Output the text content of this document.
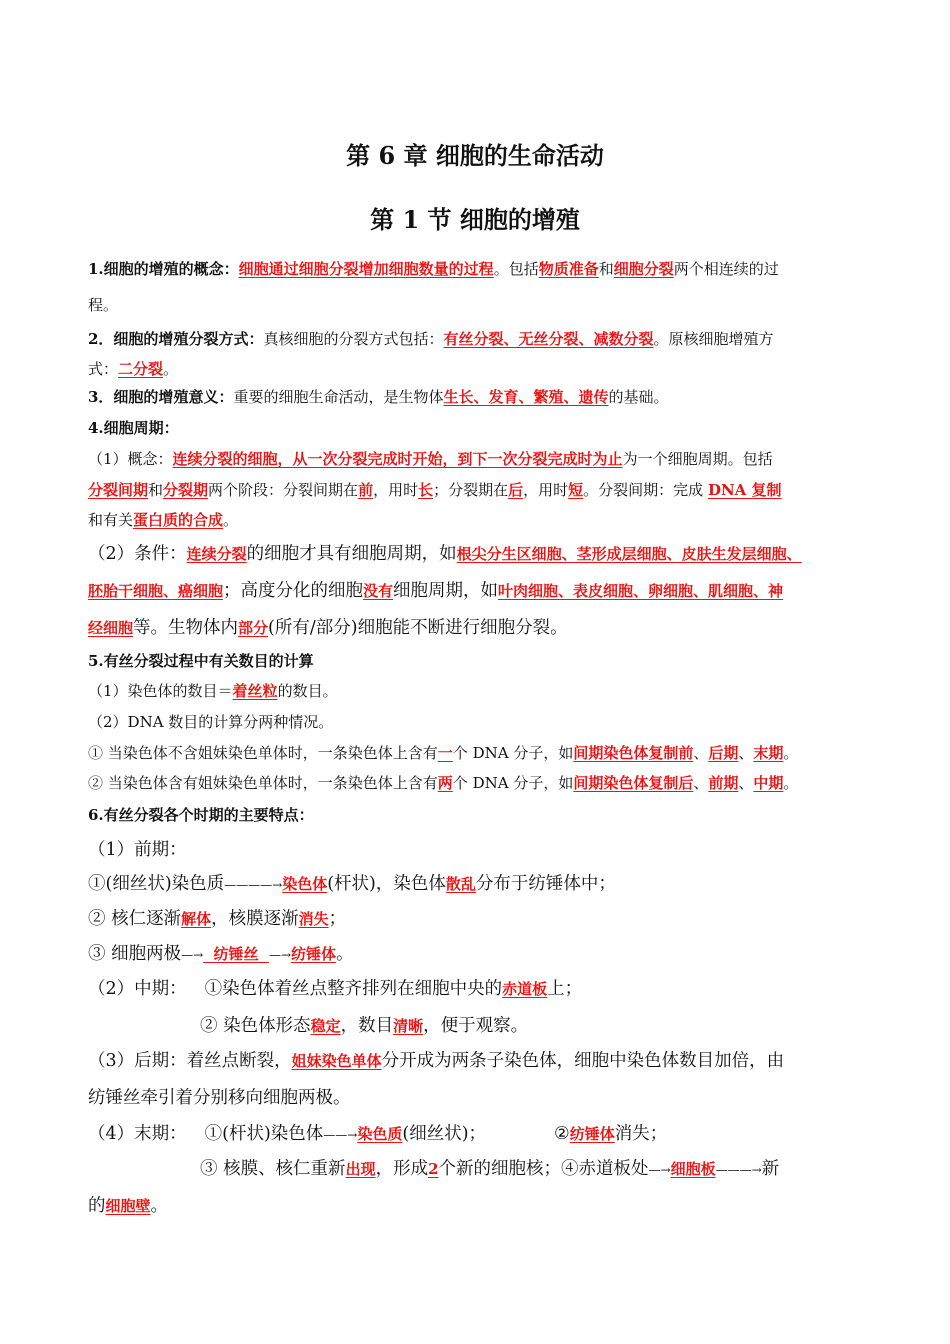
第 6 章 细胞的生命活动
第 1 节 细胞的增殖
1.细胞的增殖的概念：细胞通过细胞分裂增加细胞数量的过程。包括物质准备和细胞分裂两个相连续的过
程。
2．细胞的增殖分裂方式：真核细胞的分裂方式包括：有丝分裂、无丝分裂、减数分裂。原核细胞增殖方
式：二分裂。
3．细胞的增殖意义：重要的细胞生命活动，是生物体生长、发育、繁殖、遗传的基础。
4.细胞周期：
（1）概念：连续分裂的细胞，从一次分裂完成时开始，到下一次分裂完成时为止为一个细胞周期。包括
分裂间期和分裂期两个阶段：分裂间期在前，用时长；分裂期在后，用时短。分裂间期：完成 DNA 复制
和有关蛋白质的合成。
（2）条件：连续分裂的细胞才具有细胞周期，如根尖分生区细胞、茎形成层细胞、皮肤生发层细胞、
胚胎干细胞、癌细胞；高度分化的细胞没有细胞周期，如叶肉细胞、表皮细胞、卵细胞、肌细胞、神
经细胞等。生物体内部分(所有/部分)细胞能不断进行细胞分裂。
5.有丝分裂过程中有关数目的计算
（1）染色体的数目＝着丝粒的数目。
（2）DNA 数目的计算分两种情况。
① 当染色体不含姐妹染色单体时，一条染色体上含有一个 DNA 分子，如间期染色体复制前、后期、末期。
② 当染色体含有姐妹染色单体时，一条染色体上含有两个 DNA 分子，如间期染色体复制后、前期、中期。
6.有丝分裂各个时期的主要特点：
（1）前期：
①(细丝状)染色质————→染色体(杆状)，染色体散乱分布于纺锤体中；
② 核仁逐渐解体，核膜逐渐消失；
③ 细胞两极—→  纺锤丝  —→纺锤体。
（2）中期： ①染色体着丝点整齐排列在细胞中央的赤道板上；
② 染色体形态稳定，数目清晰，便于观察。
（3）后期：着丝点断裂，姐妹染色单体分开成为两条子染色体，细胞中染色体数目加倍，由
纺锤丝牵引着分别移向细胞两极。
（4）末期： ①(杆状)染色体——→染色质(细丝状)；	②纺锤体消失；
③ 核膜、核仁重新出现，形成2个新的细胞核；④赤道板处—→细胞板———→新
的细胞壁。
